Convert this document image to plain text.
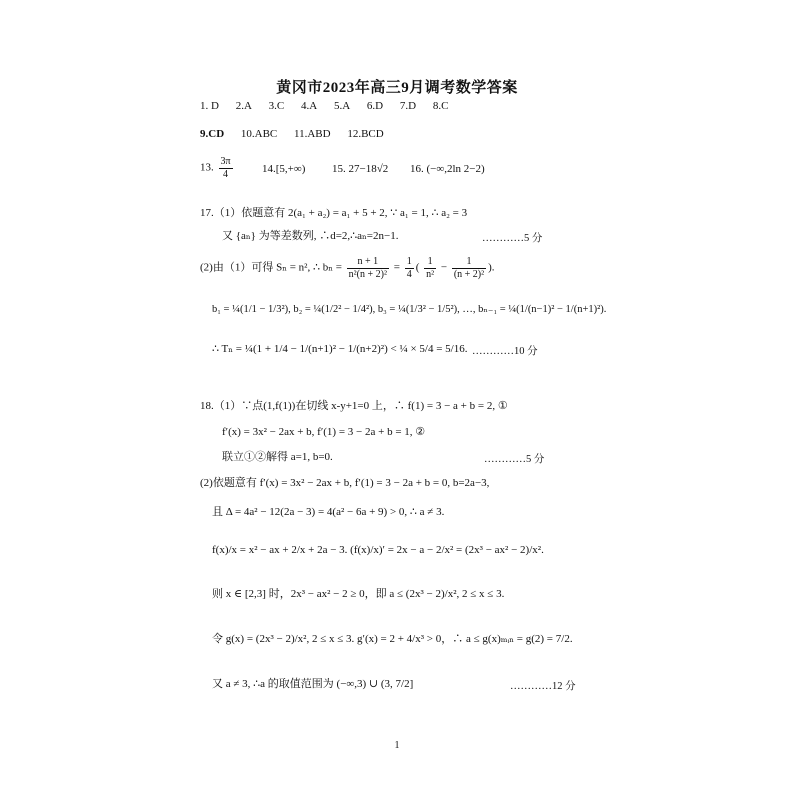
黄冈市2023年高三9月调考数学答案
1. D 2.A 3.C 4.A 5.A 6.D 7.D 8.C
9.CD 10.ABC 11.ABD 12.BCD
13. $\frac{3\pi}{4}$	14.[5,+∞) 15. 27−18√2 16. (−∞,2ln 2−2)
17.（1）依题意有 2(a₁ + a₂) = a₁ + 5 + 2, ∵ a₁ = 1, ∴ a₂ = 3
又 {aₙ} 为等差数列, ∴d=2,∴aₙ=2n−1.	…………5 分
(2)由（1）可得 Sₙ = n², ∴ $b_n = \frac{n + 1}{\text{n²(n + 2)²}} = \frac{1}{4}$ ( $\frac{1}{\text{n²}} - \frac{1}{\text{(n + 2)²}}$ ).
b₁ = ¼(1/1 − 1/3²), b₂ = ¼(1/2² − 1/4²), b₃ = ¼(1/3² − 1/5²), …, bₙ₋₁ = ¼(1/(n−1)² − 1/(n+1)²).
∴ Tₙ = ¼(1 + 1/4 − 1/(n+1)² − 1/(n+2)²) < ¼ × 5/4 = 5/16. …………10 分
18.（1）∵点(1,f(1))在切线 x-y+1=0 上，∴ f(1) = 3 − a + b = 2, ①
f′(x) = 3x² − 2ax + b, f′(1) = 3 − 2a + b = 1, ②
联立①②解得 a=1, b=0.	…………5 分
(2)依题意有 f′(x) = 3x² − 2ax + b, f′(1) = 3 − 2a + b = 0, b=2a−3,
且 Δ = 4a² − 12(2a − 3) = 4(a² − 6a + 9) > 0, ∴ a ≠ 3.
f(x)/x = x² − ax + 2/x + 2a − 3. (f(x)/x)′ = 2x − a − 2/x² = (2x³ − ax² − 2)/x².
则 x ∈ [2,3] 时，2x³ − ax² − 2 ≥ 0，即 a ≤ (2x³ − 2)/x², 2 ≤ x ≤ 3.
令 g(x) = (2x³ − 2)/x², 2 ≤ x ≤ 3. g′(x) = 2 + 4/x³ > 0，∴ a ≤ g(x)ₘᵢₙ = g(2) = 7/2.
又 a ≠ 3, ∴a 的取值范围为 (−∞,3) ∪ (3, 7/2]	…………12 分
1
